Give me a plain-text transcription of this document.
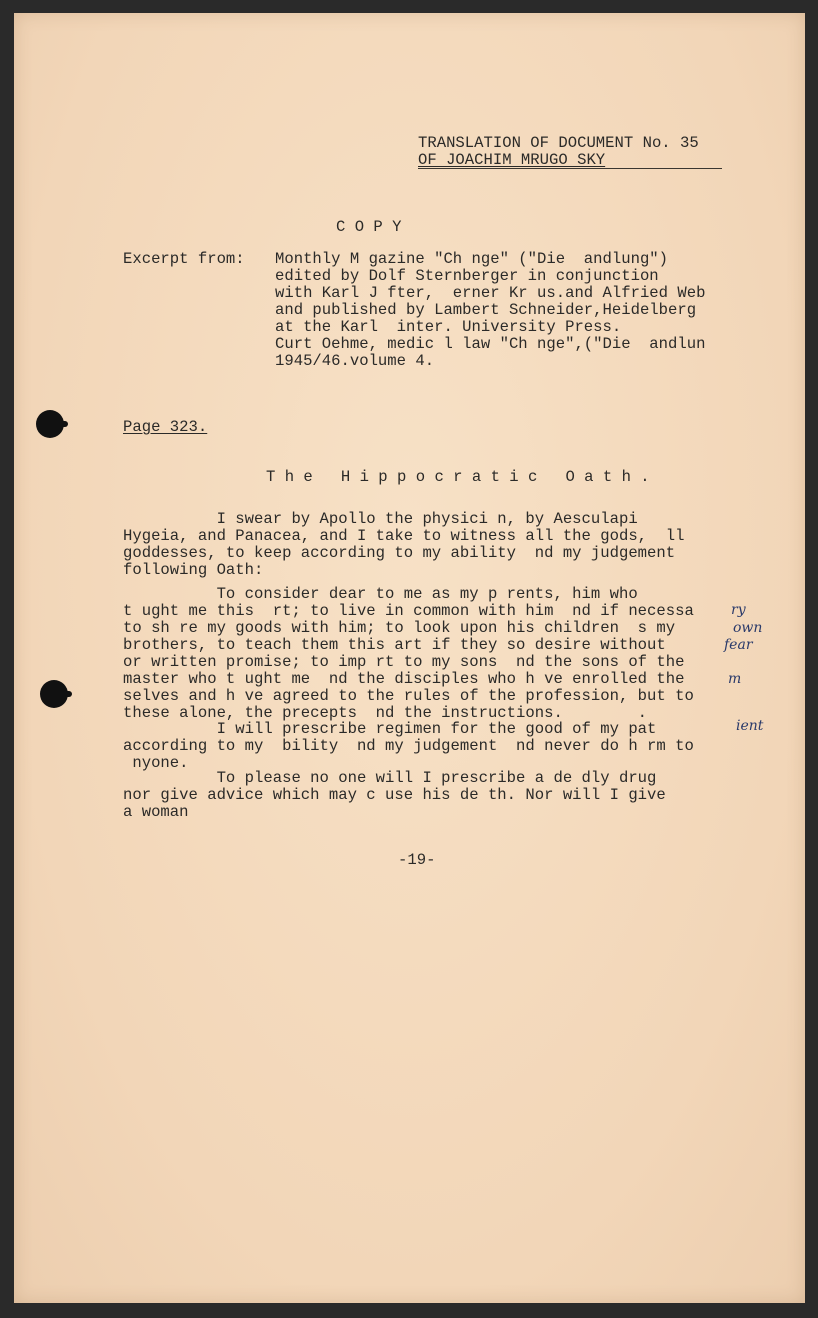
TRANSLATION OF DOCUMENT No. 35
OF JOACHIM MRUGO SKY
C O P Y
Excerpt from: Monthly M gazine "Ch nge" ("Die  andlung")
edited by Dolf Sternberger in conjunction
with Karl J fter,  erner Kr us.and Alfried Web
and published by Lambert Schneider,Heidelberg
at the Karl  inter. University Press.
Curt Oehme, medic l law "Ch nge",("Die  andlun
1945/46.volume 4.
Page 323.
T h e   H i p p o c r a t i c   O a t h .
I swear by Apollo the physici n, by Aesculapi
Hygeia, and Panacea, and I take to witness all the gods,  ll
goddesses, to keep according to my ability  nd my judgement
following Oath:
To consider dear to me as my p rents, him who
t ught me this  rt; to live in common with him  nd if necessa
to sh re my goods with him; to look upon his children  s my
brothers, to teach them this art if they so desire without
or written promise; to imp rt to my sons  nd the sons of the
master who t ught me  nd the disciples who h ve enrolled the
selves and h ve agreed to the rules of the profession, but to
these alone, the precepts  nd the instructions.        .
I will prescribe regimen for the good of my pat
according to my  bility  nd my judgement  nd never do h rm to
nyone.
To please no one will I prescribe a de dly drug
nor give advice which may c use his de th. Nor will I give
a woman
ry
own
fear
m
ient
-19-
